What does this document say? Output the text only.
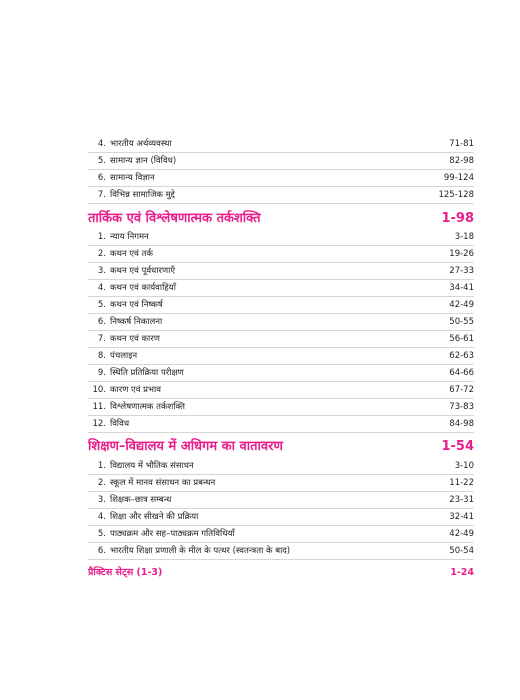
4. भारतीय अर्थव्यवस्था	71-81
5. सामान्य ज्ञान (विविध)	82-98
6. सामान्य विज्ञान	99-124
7. विभिन्न सामाजिक मुद्दे	125-128
तार्किक एवं विश्लेषणात्मक तर्कशक्ति	1-98
1. न्याय निगमन	3-18
2. कथन एवं तर्क	19-26
3. कथन एवं पूर्वधारणाएँ	27-33
4. कथन एवं कार्यवाहियाँ	34-41
5. कथन एवं निष्कर्ष	42-49
6. निष्कर्ष निकालना	50-55
7. कथन एवं कारण	56-61
8. पंचलाइन	62-63
9. स्थिति प्रतिक्रिया परीक्षण	64-66
10. कारण एवं प्रभाव	67-72
11. विश्लेषणात्मक तर्कशक्ति	73-83
12. विविध	84-98
शिक्षण–विद्यालय में अधिगम का वातावरण	1-54
1. विद्यालय में भौतिक संसाधन	3-10
2. स्कूल में मानव संसाधन का प्रबन्धन	11-22
3. शिक्षक–छात्र सम्बन्ध	23-31
4. शिक्षा और सीखने की प्रक्रिया	32-41
5. पाठ्यक्रम और सह–पाठ्यक्रम गतिविधियाँ	42-49
6. भारतीय शिक्षा प्रणाली के मील के पत्थर (स्वतन्त्रता के बाद)	50-54
प्रैक्टिस सेट्स (1-3)	1-24
